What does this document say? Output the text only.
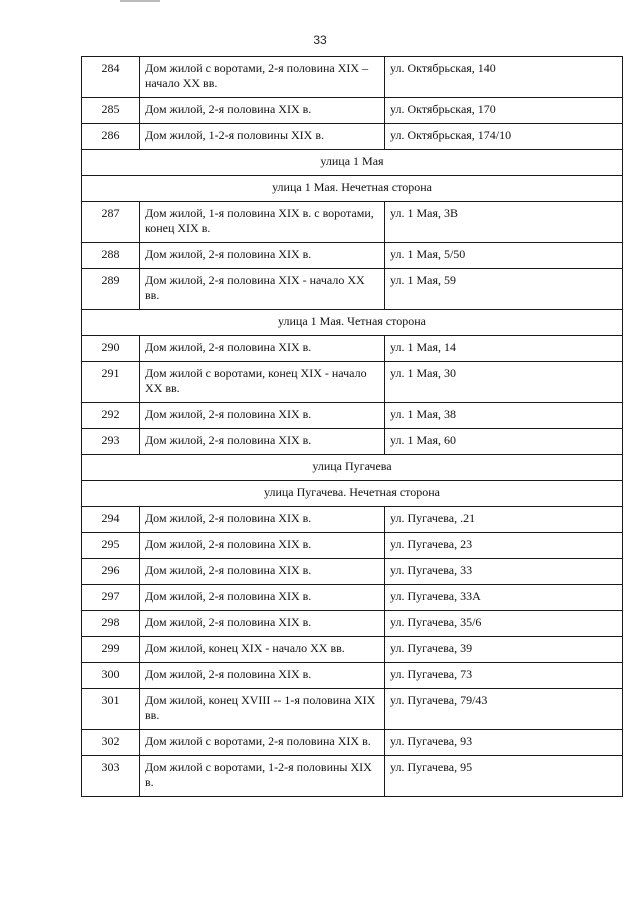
33
284	Дом жилой с воротами, 2-я половина XIX – начало XX вв.	ул. Октябрьская, 140
285	Дом жилой, 2-я половина XIX в.	ул. Октябрьская, 170
286	Дом жилой, 1-2-я половины XIX в.	ул. Октябрьская, 174/10
улица 1 Мая		
улица 1 Мая. Нечетная сторона		
287	Дом жилой, 1-я половина XIX в. с воротами, конец XIX в.	ул. 1 Мая, 3В
288	Дом жилой, 2-я половина XIX в.	ул. 1 Мая, 5/50
289	Дом жилой, 2-я половина XIX - начало XX вв.	ул. 1 Мая, 59
улица 1 Мая. Четная сторона		
290	Дом жилой, 2-я половина XIX в.	ул. 1 Мая, 14
291	Дом жилой с воротами, конец XIX - начало XX вв.	ул. 1 Мая, 30
292	Дом жилой, 2-я половина XIX в.	ул. 1 Мая, 38
293	Дом жилой, 2-я половина XIX в.	ул. 1 Мая, 60
улица Пугачева		
улица Пугачева. Нечетная сторона		
294	Дом жилой, 2-я половина XIX в.	ул. Пугачева, .21
295	Дом жилой, 2-я половина XIX в.	ул. Пугачева, 23
296	Дом жилой, 2-я половина XIX в.	ул. Пугачева, 33
297	Дом жилой, 2-я половина XIX в.	ул. Пугачева, 33А
298	Дом жилой, 2-я половина XIX в.	ул. Пугачева, 35/6
299	Дом жилой, конец XIX - начало XX вв.	ул. Пугачева, 39
300	Дом жилой, 2-я половина XIX в.	ул. Пугачева, 73
301	Дом жилой, конец XVIII -- 1-я половина XIX вв.	ул. Пугачева, 79/43
302	Дом жилой с воротами, 2-я половина XIX в.	ул. Пугачева, 93
303	Дом жилой с воротами, 1-2-я половины XIX в.	ул. Пугачева, 95
